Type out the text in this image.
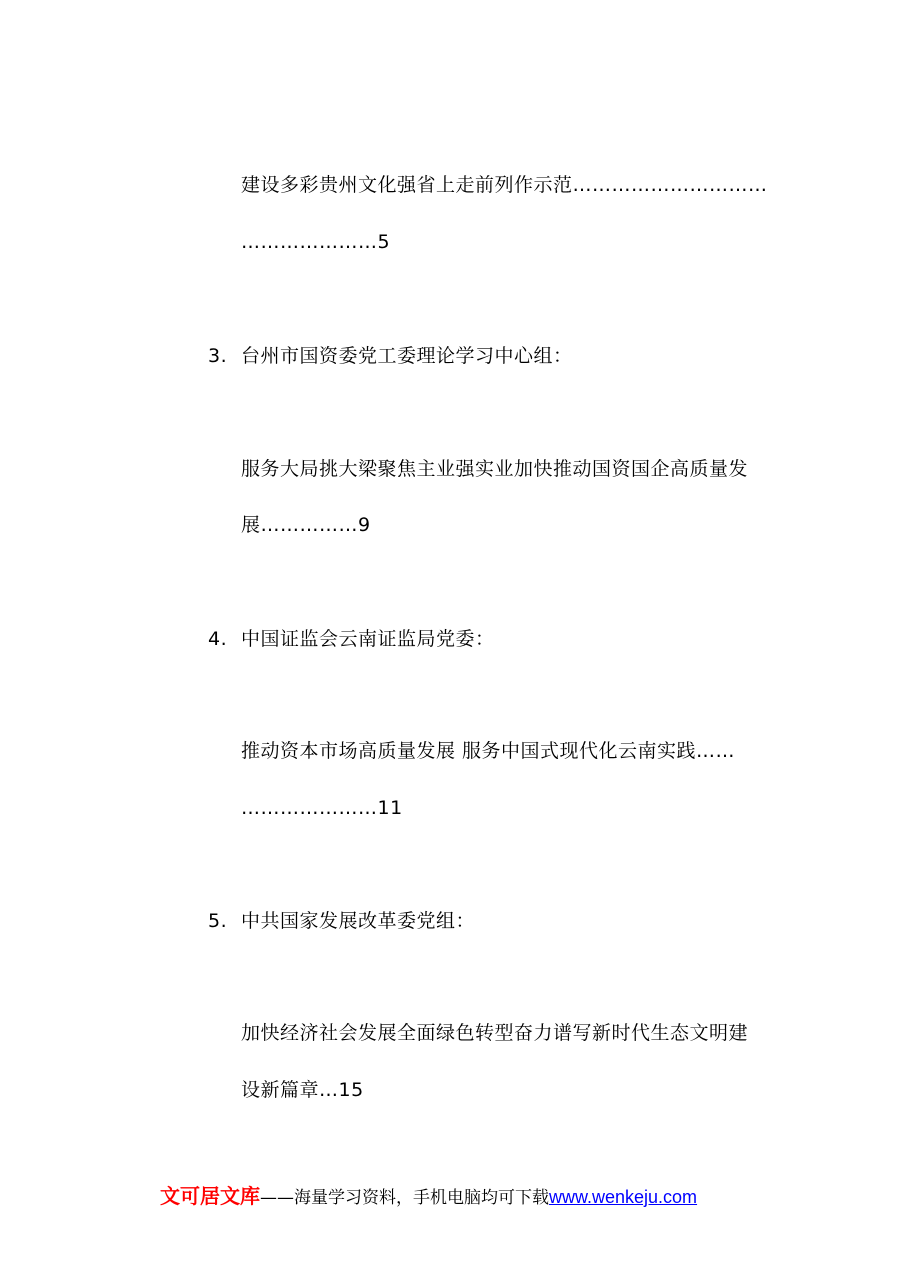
建设多彩贵州文化强省上走前列作示范…………………………
…………………5
3. 台州市国资委党工委理论学习中心组：
服务大局挑大梁聚焦主业强实业加快推动国资国企高质量发
展……………9
4. 中国证监会云南证监局党委：
推动资本市场高质量发展 服务中国式现代化云南实践……
…………………11
5. 中共国家发展改革委党组：
加快经济社会发展全面绿色转型奋力谱写新时代生态文明建
设新篇章…15
文可居文库——海量学习资料，手机电脑均可下载www.wenkeju.com
